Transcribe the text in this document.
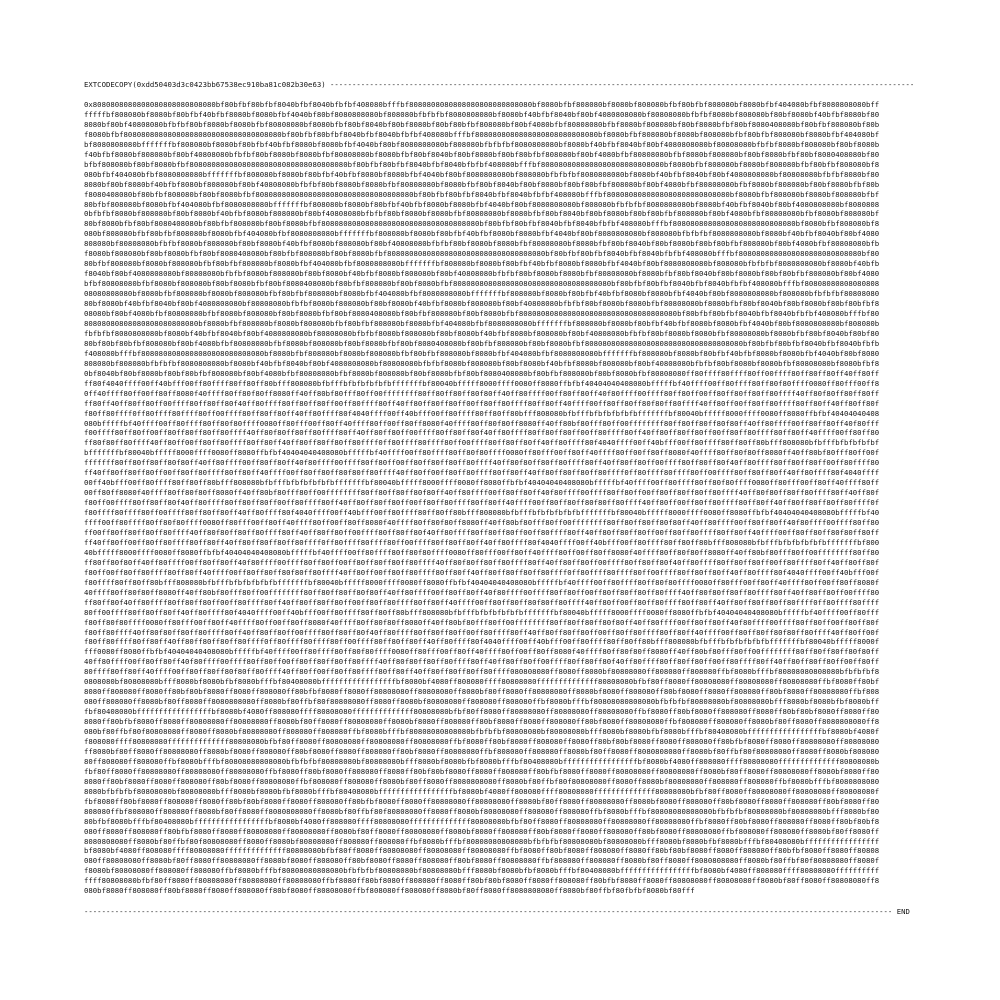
EXTCODECOPY(0xdd50403d3c0423bb67538ec910ba81c082b30e63) -------------------------------------------------------------------------------------------------------------------------------------
0x8080808080808080808080808080bf80bfbf80bfbf8040bfbf8040bfbfbf408080bfffbf8080808080808080808080808080bf8080bfbf808080bf8080bf808080bfbf80bfbf808080bf8080bfbf404080bfbf8080808080bfffffffbf808080bf8080bf80bfbf40bfbf8080bf8080bfbf4040bf80bf8080808080bf808080bfbfbfbf8080808080bf8080bf40bfbf8040bf80bf4080808080bf80808080bfbfbf8080bf808080bf80bf8080bf40bfbf8080bf808080bf80bf40808080bfbfbf80bf8080bf8080bfbf80808080bf8080bfbf80bf8040bf80bf8080bf80bf80bfbf808080bf80bf4080bfbf80808080bfbf8080bf808080bf80bf8080bfbf80bf8080408080bf80bfbf808080bf80bf8080bfbf808080808080808080808080808080808080bf80bfbf80bfbf8040bfbf8040bfbfbf408080bfffbf8080808080808080808080808080bf8080bfbf808080bf8080bf808080bfbf80bfbf808080bf8080bfbf404080bfbf8080808080bfffffffbf808080bf8080bf80bfbf40bfbf8080bf8080bfbf4040bf80bf8080808080bf808080bfbfbfbf8080808080bf8080bf40bfbf8040bf80bf4080808080bf80808080bfbfbf8080bf808080bf80bf8080bf40bfbf8080bf808080bf80bf40808080bfbfbf80bf8080bf8080bfbf80808080bf8080bfbf80bf8040bf80bf8080bf80bf80bfbf808080bf80bf4080bfbf80808080bfbf8080bf808080bf80bf8080bfbf80bf8080408080bf80bfbf808080bf80bf8080bfbf808080808080808080808080808080808080bf80bfbf80bfbf8040bfbf8040bfbfbf408080bfffbf8080808080808080808080808080bf8080bfbf808080bf8080bf808080bfbf80bfbf808080bf8080bfbf404080bfbf8080808080bfffffffbf808080bf8080bf80bfbf40bfbf8080bf8080bfbf4040bf80bf8080808080bf808080bfbfbfbf8080808080bf8080bf40bfbf8040bf80bf4080808080bf80808080bfbfbf8080bf808080bf80bf8080bf40bfbf8080bf808080bf80bf40808080bfbfbf80bf8080bf8080bfbf80808080bf8080bfbf80bf8040bf80bf8080bf80bf80bfbf808080bf80bf4080bfbf80808080bfbf8080bf808080bf80bf8080bfbf80bf8080408080bf80bfbf808080bf80bf8080bfbf808080808080808080808080808080808080bf80bfbf80bfbf8040bfbf8040bfbfbf408080bfffbf8080808080808080808080808080bf8080bfbf808080bf8080bf808080bfbf80bfbf808080bf8080bfbf404080bfbf8080808080bfffffffbf808080bf8080bf80bfbf40bfbf8080bf8080bfbf4040bf80bf8080808080bf808080bfbfbfbf8080808080bf8080bf40bfbf8040bf80bf4080808080bf80808080bfbfbf8080bf808080bf80bf8080bf40bfbf8080bf808080bf80bf40808080bfbfbf80bf8080bf8080bfbf80808080bf8080bfbf80bf8040bf80bf8080bf80bf80bfbf808080bf80bf4080bfbf80808080bfbf8080bf808080bf80bf8080bfbf80bf8080408080bf80bfbf808080bf80bf8080bfbf808080808080808080808080808080808080bf80bfbf80bfbf8040bfbf8040bfbfbf408080bfffbf8080808080808080808080808080bf8080bfbf808080bf8080bf808080bfbf80bfbf808080bf8080bfbf404080bfbf8080808080bfffffffbf808080bf8080bf80bfbf40bfbf8080bf8080bfbf4040bf80bf8080808080bf808080bfbfbfbf8080808080bf8080bf40bfbf8040bf80bf4080808080bf80808080bfbfbf8080bf808080bf80bf8080bf40bfbf8080bf808080bf80bf40808080bfbfbf80bf8080bf8080bfbf80808080bf8080bfbf80bf8040bf80bf8080bf80bf80bfbf808080bf80bf4080bfbf80808080bfbf8080bf808080bf80bf8080bfbf80bf8080408080bf80bfbf808080bf80bf8080bfbf808080808080808080808080808080808080bf80bfbf80bfbf8040bfbf8040bfbfbf408080bfffbf8080808080808080808080808080bf8080bfbf808080bf8080bf808080bfbf80bfbf808080bf8080bfbf404080bfbf8080808080bfffffffbf808080bf8080bf80bfbf40bfbf8080bf8080bfbf4040bf80bf8080808080bf808080bfbfbfbf8080808080bf8080bf40bfbf8040bf80bf4080808080bf80808080bfbfbf8080bf808080bf80bf8080bf40bfbf8080bf808080bf80bf40808080bfbfbf80bf8080bf8080bfbf80808080bf8080bfbf80bf8040bf80bf8080bf80bf80bfbf808080bf80bf4080bfbf80808080bfbf8080bf808080bf80bf8080bfbf80bf8080408080bf80bfbf808080bf80bf8080bfbf808080808080808080808080808080808080bf80bfbf80bfbf8040bfbf8040bfbfbf408080bfffbf8080808080808080808080808080bf8080bfbf808080bf8080bf808080bfbf80bfbf808080bf8080bfbf404080bfbf8080808080bfffffffbf808080bf8080bf80bfbf40bfbf8080bf8080bfbf4040bf80bf8080808080bf808080bfbfbfbf8080808080bf8080bf40bfbf8040bf80bf4080808080bf80808080bfbfbf8080bf808080bf80bf8080bf40bfbf8080bf808080bf80bf40808080bfbfbf80bf8080bf8080bfbf80808080bf8080bfbf80bf8040bf80bf8080bf80bf80bfbf808080bf80bf4080bfbf80808080bfbf8080bf808080bf80bf8080bfbf80bf8080408080bf80bfbf808080bf80bf8080bfbf808080808080808080808080808080808080bf80bfbf80bfbf8040bfbf8040bfbfbf408080bfffbf8080808080808080808080808080bf8080bfbf808080bf8080bf808080bfbf80bfbf808080bf8080bfbf404080bfbf8080808080bfffffffbf808080bf8080bf80bfbf40bfbf8080bf8080bfbf4040bf80bf8080808080bf808080bfbfbfbf8080808080bf8080bf40bfbf8040bf80bf4080808080bf80808080bfbfbf8080bf808080bf80bf8080bf40bfbf8080bf808080bf80bf40808080bfbfbf80bf8080bf8080bfbf80808080bf8080bfbf80bf8040bf80bf8080bf80bf80bfbf808080bf80bf4080bfbf80808080bfbf8080bf808080bf80bf8080bfbf80bf8080408080bf80bfbf808080bf80bf8080bfbf808080808080808080808080808080808080bf80bfbf80bfbf8040bfbf8040bfbfbf408080bfffbf8080808080808080808080808080bf8080bfbf808080bf8080bf808080bfbf80bfbf808080bf8080bfbf404080bfbf8080808080bfffffffbf808080bf8080bf80bfbf40bfbf8080bf8080bfbf4040bf80bf8080808080bf808080bfbfbfbf8080808080bf8080bf40bfbf8040bf80bf4080808080bf80808080bfbfbf8080bf808080bf80bf8080bf40bfbf8080bf808080bf80bf40808080bfbfbf80bf8080bf8080bfbf80808080bf8080bfbf80bf8040bf80bf8080bf80bf80bfbf808080bf80bf4080bfbf80808080bfbf8080bf808080bf80bf8080bfbf80bf8080408080bf80bfbf808080bf80bf8080bfbf80808080ff80ffff80ffff80ff00ffff80ff80ff80ff40ff80ffff80f4040ffff00ff40bfff00ff80ffff80ff80ff80bfff808080bfbfffbfbfbfbfbfbfffffffbf80040bfffff8000ffff0080ff8080ffbfbf40404040408080bfffffbf40ffff00ff80ffff80ff80f80ffff0080ff80fff00ff80ff40ffff80ff00ff80ff8080f40ffff80ff80f80ff8080ff40ff80bf80fff80ff00ffffffff80ff80ff80ff80f80ff40ff80ffff00ff80ff80ff40f80ffff00ffff80ff80ff00ff80ff80ff80ff80ffff40ff80f80ff80ff80ffff80ff40ff80ff80ff00ffff80ff80ff80f40ff80ffff80ff80ff80ff00ff80ffff80ff40ff80ff80ff80ff00ff80ff80ffff80ff80ff40ffff00ff80ff80ff80f80ff80ffff40ff80ff00ff80ff80ffff80ff80ff40ff80ff80ff80ff80ffff0ff80ffff80ffff80ff00ffff80ff80ff80ff40ff80ffff80f4040ffff00ff40bfff00ff80ffff80ff80ff80bfff808080bfbfffbfbfbfbfbfbfffffffbf80040bfffff8000ffff0080ff8080ffbfbf40404040408080bfffffbf40ffff00ff80ffff80ff80f80ffff0080ff80fff00ff80ff40ffff80ff00ff80ff8080f40ffff80ff80f80ff8080ff40ff80bf80fff80ff00ffffffff80ff80ff80ff80f80ff40ff80ffff00ff80ff80ff40f80ffff00ffff80ff80ff00ff80ff80ff80ff80ffff40ff80f80ff80ff80ffff80ff40ff80ff80ff00ffff80ff80ff80f40ff80ffff80ff80ff80ff00ff80ffff80ff40ff80ff80ff80ff00ff80ff80ffff80ff80ff40ffff00ff80ff80ff80f80ff80ffff40ff80ff00ff80ff80ffff80ff80ff40ff80ff80ff80ff80ffff0ff80ffff80ffff80ff00ffff80ff80ff80ff40ff80ffff80f4040ffff00ff40bfff00ff80ffff80ff80ff80bfff808080bfbfffbfbfbfbfbfbfffffffbf80040bfffff8000ffff0080ff8080ffbfbf40404040408080bfffffbf40ffff00ff80ffff80ff80f80ffff0080ff80fff00ff80ff40ffff80ff00ff80ff8080f40ffff80ff80f80ff8080ff40ff80bf80fff80ff00ffffffff80ff80ff80ff80f80ff40ff80ffff00ff80ff80ff40f80ffff00ffff80ff80ff00ff80ff80ff80ff80ffff40ff80f80ff80ff80ffff80ff40ff80ff80ff00ffff80ff80ff80f40ff80ffff80ff80ff80ff00ff80ffff80ff40ff80ff80ff80ff00ff80ff80ffff80ff80ff40ffff00ff80ff80ff80f80ff80ffff40ff80ff00ff80ff80ffff80ff80ff40ff80ff80ff80ff80ffff0ff80ffff80ffff80ff00ffff80ff80ff80ff40ff80ffff80f4040ffff00ff40bfff00ff80ffff80ff80ff80bfff808080bfbfffbfbfbfbfbfbfffffffbf80040bfffff8000ffff0080ff8080ffbfbf40404040408080bfffffbf40ffff00ff80ffff80ff80f80ffff0080ff80fff00ff80ff40ffff80ff00ff80ff8080f40ffff80ff80f80ff8080ff40ff80bf80fff80ff00ffffffff80ff80ff80ff80f80ff40ff80ffff00ff80ff80ff40f80ffff00ffff80ff80ff00ff80ff80ff80ff80ffff40ff80f80ff80ff80ffff80ff40ff80ff80ff00ffff80ff80ff80f40ff80ffff80ff80ff80ff00ff80ffff80ff40ff80ff80ff80ff00ff80ff80ffff80ff80ff40ffff00ff80ff80ff80f80ff80ffff40ff80ff00ff80ff80ffff80ff80ff40ff80ff80ff80ff80ffff0ff80ffff80ffff80ff00ffff80ff80ff80ff40ff80ffff80f4040ffff00ff40bfff00ff80ffff80ff80ff80bfff808080bfbfffbfbfbfbfbfbfffffffbf80040bfffff8000ffff0080ff8080ffbfbf40404040408080bfffffbf40ffff00ff80ffff80ff80f80ffff0080ff80fff00ff80ff40ffff80ff00ff80ff8080f40ffff80ff80f80ff8080ff40ff80bf80fff80ff00ffffffff80ff80ff80ff80f80ff40ff80ffff00ff80ff80ff40f80ffff00ffff80ff80ff00ff80ff80ff80ff80ffff40ff80f80ff80ff80ffff80ff40ff80ff80ff00ffff80ff80ff80f40ff80ffff80ff80ff80ff00ff80ffff80ff40ff80ff80ff80ff00ff80ff80ffff80ff80ff40ffff00ff80ff80ff80f80ff80ffff40ff80ff00ff80ff80ffff80ff80ff40ff80ff80ff80ff80ffff0ff80ffff80ffff80ff00ffff80ff80ff80ff40ff80ffff80f4040ffff00ff40bfff00ff80ffff80ff80ff80bfff808080bfbfffbfbfbfbfbfbfffffffbf80040bfffff8000ffff0080ff8080ffbfbf40404040408080bfffffbf40ffff00ff80ffff80ff80f80ffff0080ff80fff00ff80ff40ffff80ff00ff80ff8080f40ffff80ff80f80ff8080ff40ff80bf80fff80ff00ffffffff80ff80ff80ff80f80ff40ff80ffff00ff80ff80ff40f80ffff00ffff80ff80ff00ff80ff80ff80ff80ffff40ff80f80ff80ff80ffff80ff40ff80ff80ff00ffff80ff80ff80f40ff80ffff80ff80ff80ff00ff80ffff80ff40ff80ff80ff80ff00ff80ff80ffff80ff80ff40ffff00ff80ff80ff80f80ff80ffff40ff80ff00ff80ff80ffff80ff80ff40ff80ff80ff80ff80ffff0ff80ffff80ffff80ff00ffff80ff80ff80ff40ff80ffff80f4040ffff00ff40bfff00ff80ffff80ff80ff80bfff808080bfbfffbfbfbfbfbfbfffffffbf80040bfffff8000ffff0080ff8080ffbfbf40404040408080bfffffbf40ffff00ff80ffff80ff80f80ffff0080ff80fff00ff80ff40ffff80ff00ff80ff8080f40ffff80ff80f80ff8080ff40ff80bf80fff80ff00ffffffff80ff80ff80ff80f80ff40ff80ffff00ff80ff80ff40f80ffff00ffff80ff80ff00ff80ff80ff80ff80ffff40ff80f80ff80ff80ffff80ff40ff80ff80ff00ffff80ff80ff80f40ff80ffff80ff80ff80ff00ff80ffff80ff40ff80ff80ff80ff00ff80ff80ffff80ff80ff40ffff00ff80ff80ff80f80ff80ffff40ff80ff00ff80ff80ffff80ff80ff40ff80ff80ff80ff80ffff0ff80ffff80ffff80ff00ffff80ff80ff80ff40ff80ffff80f4040ffff00ff40bfff00ff80ffff80ff80ff80bfff808080bfbfffbfbfbfbfbfbfffffffbf80040bfffff8000ffff0080ff8080ffbfbf40404040408080bfffffbf40ffff00ff80ffff80ff80f80ffff0080ff80fff00ff80ff40ffff80ff00ff80ff8080f40ffff80ff80f80ff8080ff40ff80bf80fff80ff00ffffffff80ff80ff80ff80f80ff40ff80ffff00ff80ff80ff40f80ffff00ffff80ff80ff00ff80ff80ff80ff80ffff40ff80f80ff80ff80ffff80ff40ff80ff80ff00ffff80ff80ff80f40ff80ffff80ff80ff80ff00ff80ffff80ff40ff80ff80ff80ff00ff80ff80ffff80ff80ff40ffff00ff80ff80ff80f80ff80ffff40ff80ff00ff80ff80ffff80ff80ff40ff80ff80ff80ff80ffff0ff80ffff80ffff80ff00ffff80ff80ff80ff40ff80ffff80f4040ffff00ff40bfff00ff80ffff80ff80ff80bfff808080bfbfffbfbfbfbfbfbfffffffbf80040bfffff8000ffff0080ff8080ffbfbf40404040408080bfffffbf40ffff00ff80ffff80ff80f80ffff0080ff80fff00ff80ff40ffff80ff00ff80ff8080f40ffff80ff80f80ff8080ff40ff80bf80fff80ff00ffffffff80ff80ff80ff80f80ff40ff80ffff00ff80ff80ff40f80ffff00ffff80ff80ff00ff80ff80ff80ff80ffff40ff80f80ff80ff80ffff80ff40ff80ff80ff00ffff80ff80ff80f40ff80ffff80ff80ff80ff00ff80ffff80ff40ff80ff80ff80ff00ff80ff80ffff80ff80ff40ffff00ff80ff80ff80f80ff80ffff40ff80ff00ff80ff80ffff80ff80ff40ff80ff80ff80ff80ffff080808080ff8080ff8080bf80808080ff808080ff808080ffbf8080bfffbf80808080808080bfbfbfbf80808080bf80808080bfff8080bf8080bfbf8080bfffbf80408080bfffffffffffffffffbf8080bf4080ff808080ffff80808080ffffffffffffff80808080bfbf80ff8080ff80808080ff80808080ff80808080ffbf8080ff80bf8080ff808080ff8080ff80bf80bf8080ff8080ff808080ff80bfbf8080ff8080ff80808080ff80808080ff8080bf80ff8080ff80808080ff8080bf8080ff808080ff80bf8080ff8080ff808080ff80bf8080ff80808080ffbf808080ff808080ff8080bf80ff8080ff8080808080ff8080bf80ffbf80f80808080ff8080ff8080bf80808080ff808080ff808080ffbf8080bfffbf80808080808080bfbfbfbf80808080bf80808080bfff8080bf8080bfbf8080bfffbf80408080bfffffffffffffffffbf8080bf4080ff808080ffff80808080ffffffffffffff80808080bfbf80ff8080ff80808080ff80808080ff80808080ffbf8080ff80bf8080ff808080ff8080ff80bf80bf8080ff8080ff808080ff80bfbf8080ff8080ff80808080ff80808080ff8080bf80ff8080ff80808080ff8080bf8080ff808080ff80bf8080ff8080ff808080ff80bf8080ff80808080ffbf808080ff808080ff8080bf80ff8080ff8080808080ff8080bf80ffbf80f80808080ff8080ff8080bf80808080ff808080ff808080ffbf8080bfffbf80808080808080bfbfbfbf80808080bf80808080bfff8080bf8080bfbf8080bfffbf80408080bfffffffffffffffffbf8080bf4080ff808080ffff80808080ffffffffffffff80808080bfbf80ff8080ff80808080ff80808080ff80808080ffbf8080ff80bf8080ff808080ff8080ff80bf80bf8080ff8080ff808080ff80bfbf8080ff8080ff80808080ff80808080ff8080bf80ff8080ff80808080ff8080bf8080ff808080ff80bf8080ff8080ff808080ff80bf8080ff80808080ffbf808080ff808080ff8080bf80ff8080ff8080808080ff8080bf80ffbf80f80808080ff8080ff8080bf80808080ff808080ff808080ffbf8080bfffbf80808080808080bfbfbfbf80808080bf80808080bfff8080bf8080bfbf8080bfffbf80408080bfffffffffffffffffbf8080bf4080ff808080ffff80808080ffffffffffffff80808080bfbf80ff8080ff80808080ff80808080ff80808080ffbf8080ff80bf8080ff808080ff8080ff80bf80bf8080ff8080ff808080ff80bfbf8080ff8080ff80808080ff80808080ff8080bf80ff8080ff80808080ff8080bf8080ff808080ff80bf8080ff8080ff808080ff80bf8080ff80808080ffbf808080ff808080ff8080bf80ff8080ff8080808080ff8080bf80ffbf80f80808080ff8080ff8080bf80808080ff808080ff808080ffbf8080bfffbf80808080808080bfbfbfbf80808080bf80808080bfff8080bf8080bfbf8080bfffbf80408080bfffffffffffffffffbf8080bf4080ff808080ffff80808080ffffffffffffff80808080bfbf80ff8080ff80808080ff80808080ff80808080ffbf8080ff80bf8080ff808080ff8080ff80bf80bf8080ff8080ff808080ff80bfbf8080ff8080ff80808080ff80808080ff8080bf80ff8080ff80808080ff8080bf8080ff808080ff80bf8080ff8080ff808080ff80bf8080ff80808080ffbf808080ff808080ff8080bf80ff8080ff8080808080ff8080bf80ffbf80f80808080ff8080ff8080bf80808080ff808080ff808080ffbf8080bfffbf80808080808080bfbfbfbf80808080bf80808080bfff8080bf8080bfbf8080bfffbf80408080bfffffffffffffffffbf8080bf4080ff808080ffff80808080ffffffffffffff80808080bfbf80ff8080ff80808080ff80808080ff80808080ffbf8080ff80bf8080ff808080ff8080ff80bf80bf8080ff8080ff808080ff80bfbf8080ff8080ff80808080ff80808080ff8080bf80ff8080ff80808080ff8080bf8080ff808080ff80bf8080ff8080ff808080ff80bf8080ff80808080ffbf808080ff808080ff8080bf80ff8080ff8080808080ff8080bf80ffbf80f80808080ff8080ff8080bf80808080ff808080ff808080ffbf8080bfffbf80808080808080bfbfbfbf80808080bf80808080bfff8080bf8080bfbf8080bfffbf80408080bfffffffffffffffffbf8080bf4080ff808080ffff80808080ffffffffffffff80808080bfbf80ff8080ff80808080ff80808080ff80808080ffbf8080ff80bf8080ff808080ff8080ff80bf80bf8080ff8080ff808080ff80bfbf8080ff8080ff80808080ff80808080ff8080bf80ff8080ff80808080ff8080bf8080ff808080ff80bf8080ff8080ff808080ff80bf8080ff80808080ffbf808080ff808080ff8080bf80ff8080ff8080808080ff8080bf80ffbf80f80808080ff8080ff8080bf80808080ff808080ff808080ffbf8080bfffbf80808080808080bfbfbfbf80808080bf80808080bfff8080bf8080bfbf8080bfffbf80408080bfffffffffffffffffbf8080bf4080ff808080ffff80808080ffffffffffffff80808080bfbf80ff8080ff80808080ff80808080ff80808080ffbf8080ff80bf8080ff808080ff8080ff80bf80bf8080ff8080ff808080ff80bfbf8080ff8080ff80808080ff80808080ff8080bf80ff8080ff80808080ff8080bf8080ff808080ff80bf8080ff8080ff808080ff80bf8080ff80808080ffbf808080ff808080ff8080bf80ff8080ff8080808080ff8080bf80ffbf80fbfbf8080bf80fff
---------------------------------------------------------------------------------------------------------------------------------------------------------------------------------------- END
